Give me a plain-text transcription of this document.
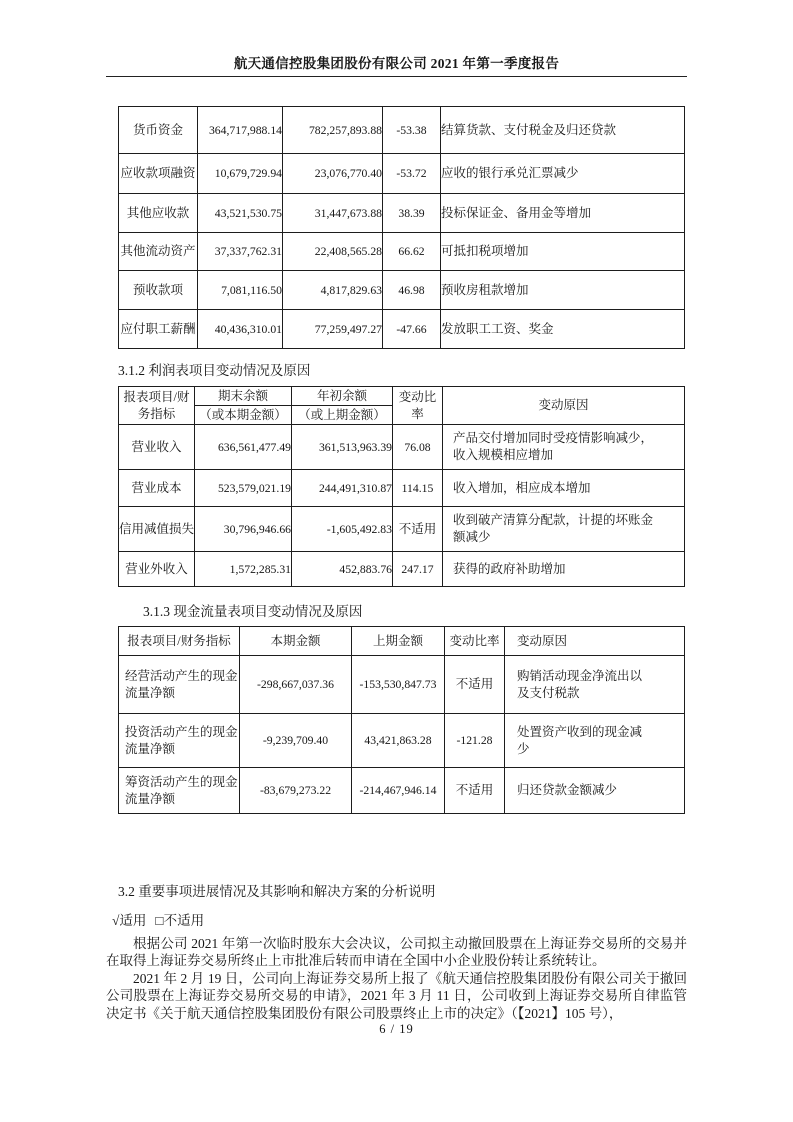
航天通信控股集团股份有限公司 2021 年第一季度报告
货币资金	364,717,988.14	782,257,893.88	-53.38	结算货款、支付税金及归还贷款
应收款项融资	10,679,729.94	23,076,770.40	-53.72	应收的银行承兑汇票减少
其他应收款	43,521,530.75	31,447,673.88	38.39	投标保证金、备用金等增加
其他流动资产	37,337,762.31	22,408,565.28	66.62	可抵扣税项增加
预收款项	7,081,116.50	4,817,829.63	46.98	预收房租款增加
应付职工薪酬	40,436,310.01	77,259,497.27	-47.66	发放职工工资、奖金
3.1.2 利润表项目变动情况及原因
报表项目/财务指标	期末余额	年初余额	变动比率	变动原因
	（或本期金额）	（或上期金额）		
营业收入	636,561,477.49	361,513,963.39	76.08	产品交付增加同时受疫情影响减少，收入规模相应增加
营业成本	523,579,021.19	244,491,310.87	114.15	收入增加，相应成本增加
信用减值损失	30,796,946.66	-1,605,492.83	不适用	收到破产清算分配款，计提的坏账金额减少
营业外收入	1,572,285.31	452,883.76	247.17	获得的政府补助增加
3.1.3 现金流量表项目变动情况及原因
报表项目/财务指标	本期金额	上期金额	变动比率	变动原因
经营活动产生的现金流量净额	-298,667,037.36	-153,530,847.73	不适用	购销活动现金净流出以及支付税款
投资活动产生的现金流量净额	-9,239,709.40	43,421,863.28	-121.28	处置资产收到的现金减少
筹资活动产生的现金流量净额	-83,679,273.22	-214,467,946.14	不适用	归还贷款金额减少
3.2 重要事项进展情况及其影响和解决方案的分析说明
√适用 □不适用

根据公司 2021 年第一次临时股东大会决议，公司拟主动撤回股票在上海证券交易所的交易并在取得上海证券交易所终止上市批准后转而申请在全国中小企业股份转让系统转让。

2021 年 2 月 19 日，公司向上海证券交易所上报了《航天通信控股集团股份有限公司关于撤回公司股票在上海证券交易所交易的申请》，2021 年 3 月 11 日，公司收到上海证券交易所自律监管决定书《关于航天通信控股集团股份有限公司股票终止上市的决定》（【2021】105 号），

6 / 19
